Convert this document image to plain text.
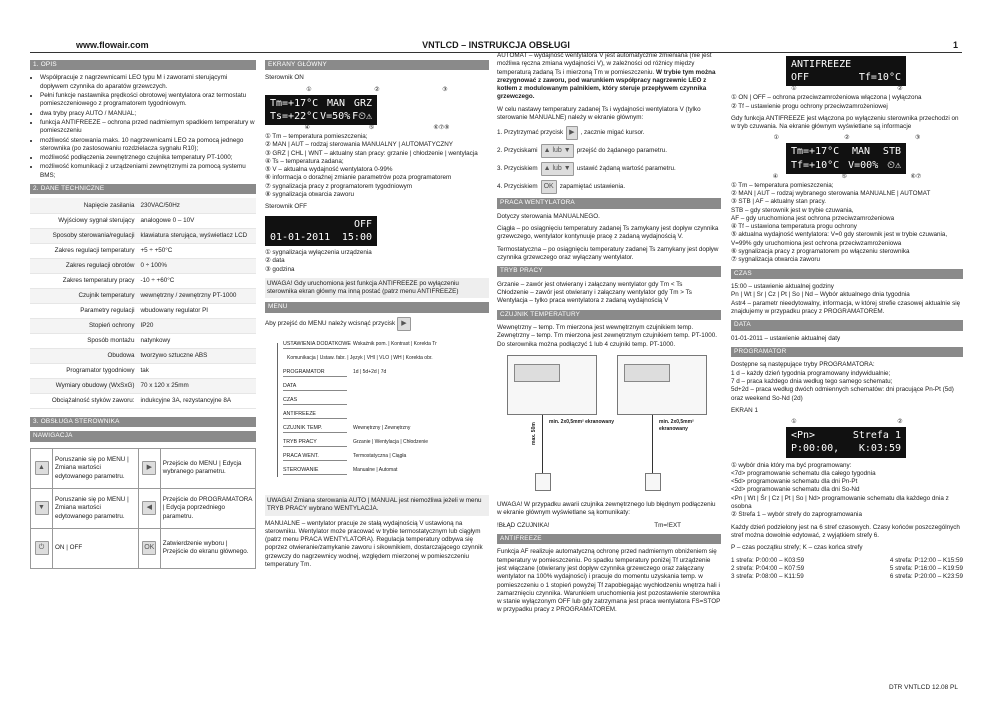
www.flowair.com	VNTLCD – INSTRUKCJA OBSŁUGI	1
1. OPIS
• Współpracuje z nagrzewnicami LEO typu M i zaworami sterującymi dopływem czynnika do aparatów grzewczych.
• Pełni funkcje nastawnika prędkości obrotowej wentylatora oraz termostatu pomieszczeniowego z programatorem tygodniowym.
• dwa tryby pracy AUTO / MANUAL;
• funkcja ANTIFREEZE – ochrona przed nadmiernym spadkiem temperatury w pomieszczeniu
• możliwość sterowania maks. 10 nagrzewnicami LEO za pomocą jednego sterownika (po zastosowaniu rozdzielacza sygnału R10);
• możliwość podłączenia zewnętrznego czujnika temperatury PT-1000;
• możliwość komunikacji z urządzeniami zewnętrznymi za pomocą systemu BMS;
2. DANE TECHNICZNE
Napięcie zasilania	230VAC/50Hz
Wyjściowy sygnał sterujący	analogowe 0 – 10V
Sposoby sterowania/regulacji	klawiatura sterująca, wyświetlacz LCD
Zakres regulacji temperatury	+5 ÷ +50°C
Zakres regulacji obrotów	0 ÷ 100%
Zakres temperatury pracy	-10 ÷ +60°C
Czujnik temperatury	wewnętrzny / zewnętrzny PT-1000
Parametry regulacji	wbudowany regulator PI
Stopień ochrony	IP20
Sposób montażu	natynkowy
Obudowa	tworzywo sztuczne ABS
Programator tygodniowy	tak
Wymiary obudowy (WxSxG)	70 x 120 x 25mm
Obciążalność styków zaworu:	indukcyjne 3A, rezystancyjne 8A
3. OBSŁUGA STEROWNIKA
NAWIGACJA
▲	Poruszanie się po MENU | Zmiana wartości edytowanego parametru.	▶	Przejście do MENU | Edycja wybranego parametru.
▼	Poruszanie się po MENU | Zmiana wartości edytowanego parametru.	◀	Przejście do PROGRAMATORA | Edycja poprzedniego parametru.
⏻	ON | OFF	OK	Zatwierdzenie wyboru | Przejście do ekranu głównego.
EKRANY GŁÓWNY

Sterownik ON

①	②	③
Tm=+17°C MAN GRZ
Ts=+22°C V=50% F⏲⚠
④	⑤	⑥⑦⑧
① Tm – temperatura pomieszczenia;
② MAN | AUT – rodzaj sterowania MANUALNY | AUTOMATYCZNY
③ GRZ | CHL | WNT – aktualny stan pracy: grzanie | chłodzenie | wentylacja
④ Ts – temperatura zadana;
⑤ V – aktualna wydajność wentylatora 0-99%
⑥ informacja o doraźnej zmianie parametrów poza programatorem
⑦ sygnalizacja pracy z programatorem tygodniowym
⑧ sygnalizacja otwarcia zaworu

Sterownik OFF

OFF
01-01-2011 15:00
① sygnalizacja wyłączenia urządzenia
② data
③ godzina

UWAGA! Gdy uruchomiona jest funkcja ANTIFREEZE po wyłączeniu sterownika ekran główny ma inną postać (patrz menu ANTIFREEZE)

MENU

Aby przejść do MENU należy wcisnąć przycisk ▶

USTAWIENIA DODATKOWE Wskaźnik pom. | Kontrast | Korekta Tr
Komunikacja | Ustaw. fabr. | Język | VHI | VLO | WH | Korekta obr.
PROGRAMATOR	1d | 5d+2d | 7d
DATA
CZAS
ANTIFREEZE
CZUJNIK TEMP.	Wewnętrzny | Zewnętrzny
TRYB PRACY	Grzanie | Wentylacja | Chłodzenie
PRACA WENT.	Termostatyczna | Ciągła
STEROWANIE	Manualne | Automat

UWAGA! Zmiana sterowania AUTO | MANUAL jest niemożliwa jeżeli w menu TRYB PRACY wybrano WENTYLACJA.

MANUALNE – wentylator pracuje ze stałą wydajnością V ustawioną na sterowniku. Wentylator może pracować w trybie termostatycznym lub ciągłym (patrz menu PRACA WENTYLATORA). Regulacja temperatury odbywa się poprzez otwieranie/zamykanie zaworu i sikownikiem, dostarczającego czynnik grzewczy do nagrzewnicy wodnej, względem mierzonej w pomieszczeniu temperatury Tm.

AUTOMAT – wydajność wentylatora V jest automatycznie zmieniana (nie jest możliwa ręczna zmiana wydajności V), w zależności od różnicy między temperaturą zadaną Ts i mierzoną Tm w pomieszczeniu. W trybie tym można zrezygnować z zaworu, pod warunkiem współpracy nagrzewnic LEO z kotłem z modulowanym palnikiem, który steruje przepływem czynnika grzewczego.

W celu nastawy temperatury zadanej Ts i wydajności wentylatora V (tylko sterowanie MANUALNE) należy w ekranie głównym:

1. Przytrzymać przycisk ▶ , zacznie migać kursor.
2. Przyciskami ▲ lub ▼ przejść do żądanego parametru.
3. Przyciskiem ▲ lub ▼ ustawić żądaną wartość parametru.
4. Przyciskiem OK zapamiętać ustawienia.
PRACA WENTYLATORA

Dotyczy sterowania MANUALNEGO.

Ciągła – po osiągnięciu temperatury zadanej Ts zamykany jest dopływ czynnika grzewczego, wentylator kontynuuje pracę z zadaną wydajnością V.

Termostatyczna – po osiągnięciu temperatury zadanej Ts zamykany jest dopływ czynnika grzewczego oraz wyłączany wentylator.

TRYB PRACY

Grzanie – zawór jest otwierany i załączany wentylator gdy Tm < Ts
Chłodzenie – zawór jest otwierany i załączany wentylator gdy Tm > Ts
Wentylacja – tylko praca wentylatora z zadaną wydajnością V

CZUJNIK TEMPERATURY

Wewnętrzny – temp. Tm mierzona jest wewnętrznym czujnikiem temp. Zewnętrzny – temp. Tm mierzona jest zewnętrznym czujnikiem temp. PT-1000. Do sterownika można podłączyć 1 lub 4 czujniki temp. PT-1000.

min. 2x0,5mm² ekranowany	min. 2x0,5mm² ekranowany
max. 50m

UWAGA! W przypadku awarii czujnika zewnętrznego lub błędnym podłączeniu w ekranie głównym wyświetlane są komunikaty:

!BŁĄD CZUJNIKA!	Tm=!EXT

ANTIFREEZE

Funkcja AF realizuje automatyczną ochronę przed nadmiernym obniżeniem się temperatury w pomieszczeniu. Po spadku temperatury poniżej Tf urządzenie jest włączane (otwierany jest dopływ czynnika grzewczego oraz załączany wentylator na 100% wydajności) i pracuje do momentu uzyskania temp. w pomieszczeniu o 1 stopień powyżej Tf zapobiegając wychłodzeniu wnętrza hali i zamarznięciu czynnika. Warunkiem uruchomienia jest pozostawienie sterownika w stanie wyłączonym OFF lub gdy zatrzymana jest praca wentylatora FS=STOP w przypadku pracy z PROGRAMATOREM.

ANTIFREEZE
OFF	Tf=10°C
①	②
① ON | OFF – ochrona przeciwzamrożeniowa włączona | wyłączona
② Tf – ustawienie progu ochrony przeciwzamrożeniowej

Gdy funkcja ANTIFREEZE jest włączona po wyłączeniu sterownika przechodzi on w tryb czuwania. Na ekranie głównym wyświetlane są informacje

①	②	③
Tm=+17°C MAN STB
Tf=+10°C V=00% ⏲⚠
④	⑤	⑥⑦
① Tm – temperatura pomieszczenia;
② MAN | AUT – rodzaj wybranego sterowania MANUALNE | AUTOMAT
③ STB | AF – aktualny stan pracy.
STB – gdy sterownik jest w trybie czuwania,
AF – gdy uruchomiona jest ochrona przeciwzamrożeniowa
④ Tf – ustawiona temperatura progu ochrony
⑤ aktualna wydajność wentylatora: V=0 gdy sterownik jest w trybie czuwania, V=99% gdy uruchomiona jest ochrona przeciwzamrożeniowa
⑥ sygnalizacja pracy z programatorem po włączeniu sterownika
⑦ sygnalizacja otwarcia zaworu
CZAS

15:00 – ustawienie aktualnej godziny
Pn | Wt | Sr | Cz | Pt | So | Nd – Wybór aktualnego dnia tygodnia
Astr4 – parametr nieedytowalny, informacja, w której strefie czasowej aktualnie się znajdujemy w przypadku pracy z PROGRAMATOREM.

DATA

01-01-2011 – ustawienie aktualnej daty

PROGRAMATOR

Dostępne są następujące tryby PROGRAMATORA:
1 d – każdy dzień tygodnia programowany indywidualnie;
7 d – praca każdego dnia według tego samego schematu;
5d+2d – praca według dwóch odmiennych schematów: dni pracujące Pn-Pt (5d) oraz weekend So-Nd (2d)

EKRAN 1

①	②
<Pn>	Strefa 1
P:00:00, K:03:59
① wybór dnia który ma być programowany:
<7d> programowanie schematu dla całego tygodnia
<5d> programowanie schematu dla dni Pn-Pt
<2d> programowanie schematu dla dni So-Nd
<Pn | Wt | Śr | Cz | Pt | So | Nd> programowanie schematu dla każdego dnia z osobna
② Strefa 1 – wybór strefy do zaprogramowania

Każdy dzień podzielony jest na 6 stref czasowych. Czasy końców poszczególnych stref można dowolnie edytować, z wyjątkiem strefy 6.

P – czas początku strefy; K – czas końca strefy

1 strefa: P:00:00 – K03:59	4 strefa: P:12:00 – K15:59
2 strefa: P:04:00 – K07:59	5 strefa: P:16:00 – K19:59
3 strefa: P:08:00 – K11:59	6 strefa: P:20:00 – K23:59
DTR VNTLCD 12.08 PL
